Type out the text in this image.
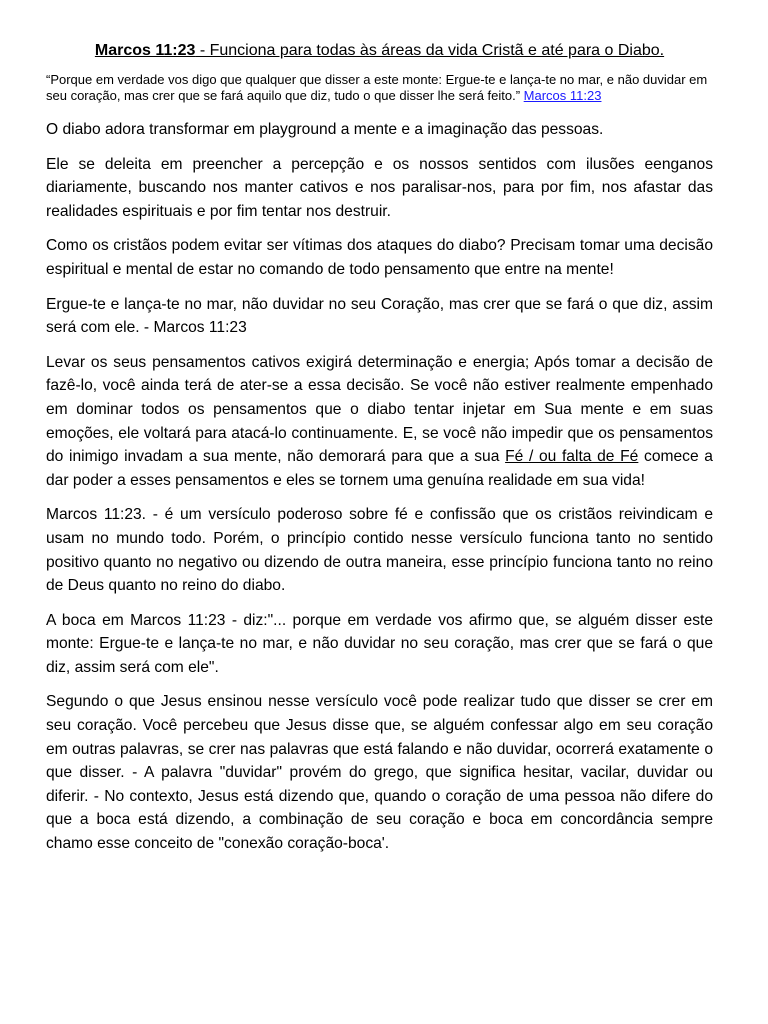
Marcos 11:23 - Funciona para todas às áreas da vida Cristã e até para o Diabo.

“Porque em verdade vos digo que qualquer que disser a este monte: Ergue-te e lança-te no mar, e não duvidar em seu coração, mas crer que se fará aquilo que diz, tudo o que disser lhe será feito.” Marcos 11:23

O diabo adora transformar em playground a mente e a imaginação das pessoas.

Ele se deleita em preencher a percepção e os nossos sentidos com ilusões eenganos diariamente, buscando nos manter cativos e nos paralisar-nos, para por fim, nos afastar das realidades espirituais e por fim tentar nos destruir.

Como os cristãos podem evitar ser vítimas dos ataques do diabo? Precisam tomar uma decisão espiritual e mental de estar no comando de todo pensamento que entre na mente!

Ergue-te e lança-te no mar, não duvidar no seu Coração, mas crer que se fará o que diz, assim será com ele. - Marcos 11:23

Levar os seus pensamentos cativos exigirá determinação e energia; Após tomar a decisão de fazê-lo, você ainda terá de ater-se a essa decisão. Se você não estiver realmente empenhado em dominar todos os pensamentos que o diabo tentar injetar em Sua mente e em suas emoções, ele voltará para atacá-lo continuamente. E, se você não impedir que os pensamentos do inimigo invadam a sua mente, não demorará para que a sua Fé / ou falta de Fé comece a dar poder a esses pensamentos e eles se tornem uma genuína realidade em sua vida!

Marcos 11:23. - é um versículo poderoso sobre fé e confissão que os cristãos reivindicam e usam no mundo todo. Porém, o princípio contido nesse versículo funciona tanto no sentido positivo quanto no negativo ou dizendo de outra maneira, esse princípio funciona tanto no reino de Deus quanto no reino do diabo.

A boca em Marcos 11:23 - diz:"... porque em verdade vos afirmo que, se alguém disser este monte: Ergue-te e lança-te no mar, e não duvidar no seu coração, mas crer que se fará o que diz, assim será com ele".

Segundo o que Jesus ensinou nesse versículo você pode realizar tudo que disser se crer em seu coração. Você percebeu que Jesus disse que, se alguém confessar algo em seu coração em outras palavras, se crer nas palavras que está falando e não duvidar, ocorrerá exatamente o que disser. - A palavra "duvidar" provém do grego, que significa hesitar, vacilar, duvidar ou diferir. - No contexto, Jesus está dizendo que, quando o coração de uma pessoa não difere do que a boca está dizendo, a combinação de seu coração e boca em concordância sempre chamo esse conceito de "conexão coração-boca'.
